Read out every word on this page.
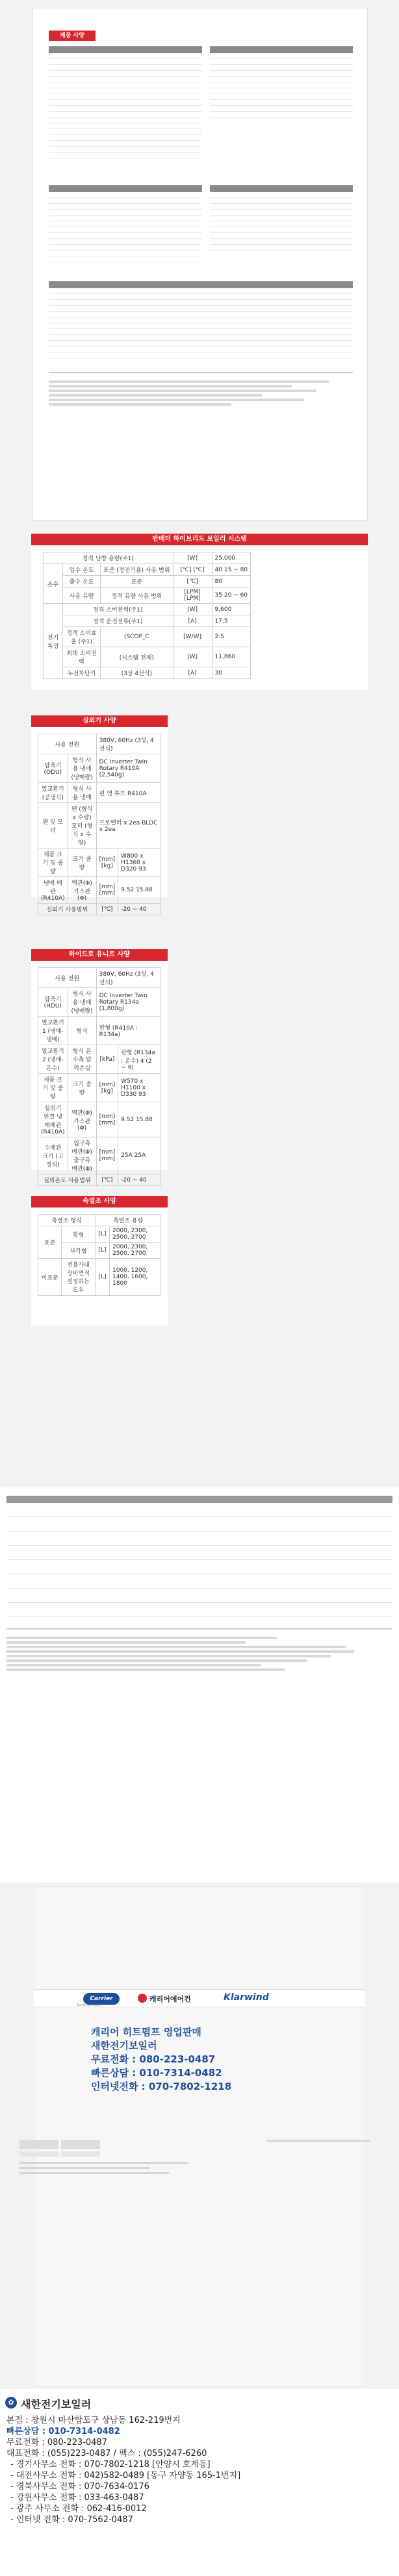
제품 사양
반배터 하이브리드 보일러 시스템
정격 난방 용량(주1)			[W]	25,000
온수	입수 온도	표준 (정전기용) 사용 범위	[℃] [℃]	40 15 ~ 80
	출수 온도	표준	[℃]	80
	사용 유량	정격 유량 사용 범위	[LPM] [LPM]	35 20 ~ 60
전기 특성	정격 소비전력(주1)		[W]	9,600
	정격 운전전류(주1)		[A]	17.5
	정격 소비효율 (주1)	(SCOP_C	[W/W]	2.5
	최대 소비전력	(시스템 전체)	[W]	11,860
	누전차단기	(3상 4선식)	[A]	30
실외기 사양
사용 전원		380V, 60Hz (3상, 4선식)	
압축기 (ODU)	형식 사용 냉매 (냉매량)	DC Inverter Twin Rotary R410A (2,540g)	
열교환기 (공냉식)	형식 사용 냉매	핀 앤 튜브 R410A	
팬 및 모터	팬 (형식 x 수량) 모터 (형식 x 수량)	프로펠러 x 2ea BLDC x 2ea	
제품 크기 및 중량	크기 중량	[mm] [kg]	W800 x H1360 x D320 93
냉매 배관 (R410A)	액관(Φ) 가스관(Φ)	[mm] [mm]	9.52 15.88
실외기 사용범위		[℃]	-20 ~ 40
하이드로 유니트 사양
사용 전원		380V, 60Hz (3상, 4선식)	
압축기 (HDU)	형식 사용 냉매 (냉매량)	DC Inverter Twin Rotary R134a (1,800g)	
열교환기1 (냉매-냉매)	형식	판형 (R410A : R134a)	
열교환기2 (냉매-온수)	형식 온수측 압력손실	[kPa]	판형 (R134a : 온수) 4 (2 ~ 9)
제품 크기 및 중량	크기 중량	[mm] [kg]	W570 x H1100 x D330 93
실외기 연결 냉매배관 (R410A)	액관(Φ) 가스관(Φ)	[mm] [mm]	9.52 15.88
수배관 크기 (고정식)	입구측 배관(Φ) 출구측 배관(Φ)	[mm] [mm]	25A 25A
실외온도 사용범위		[℃]	-20 ~ 40
속열조 사양
축열조 형식		축열조 용량	
표준	횡형	[L]	2000, 2300, 2500, 2700
	사각형	[L]	2000, 2300, 2500, 2700
비표준	전용가대 장비면적 절정하는도우	[L]	1000, 1200, 1400, 1600, 1800
Carrier
Turn to the experts
캐리어에어컨	Klarwind
캐리어 히트펌프 영업판매
새한전기보일러
무료전화 : 080-223-0487
빠른상담 : 010-7314-0482
인터넷전화 : 070-7802-1218
✿ 새한전기보일러
본점 : 창원시 마산합포구 상남동 162-219번지
빠른상담 : 010-7314-0482
무료전화 : 080-223-0487
대표전화 : (055)223-0487 / 팩스 : (055)247-6260
- 경기사무소 전화 : 070-7802-1218 [안양시 호계동]
- 대전사무소 전화 : 042)582-0489 [동구 자양동 165-1번지]
- 경북사무소 전화 : 070-7634-0176
- 강원사무소 전화 : 033-463-0487
- 광주 사무소 전화 : 062-416-0012
- 인터넷 전화 : 070-7562-0487
